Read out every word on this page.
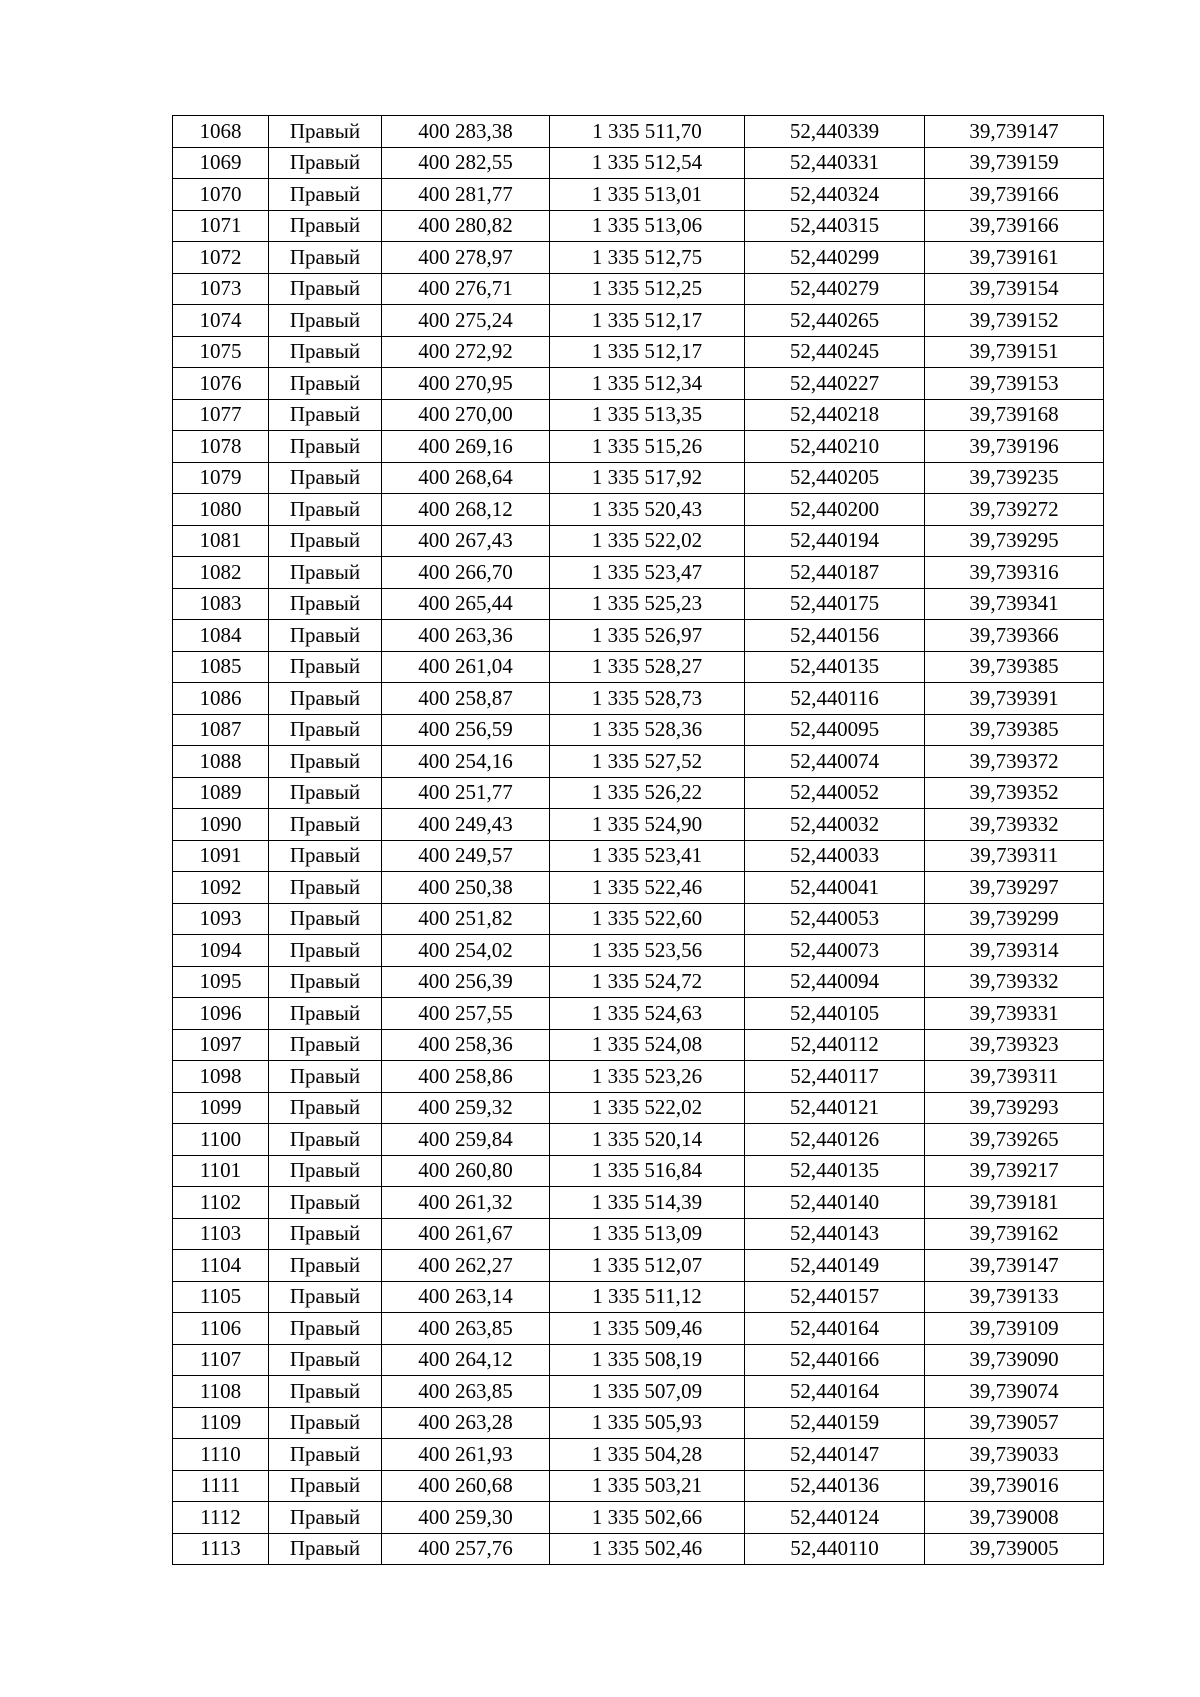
1068	Правый	400 283,38	1 335 511,70	52,440339	39,739147
1069	Правый	400 282,55	1 335 512,54	52,440331	39,739159
1070	Правый	400 281,77	1 335 513,01	52,440324	39,739166
1071	Правый	400 280,82	1 335 513,06	52,440315	39,739166
1072	Правый	400 278,97	1 335 512,75	52,440299	39,739161
1073	Правый	400 276,71	1 335 512,25	52,440279	39,739154
1074	Правый	400 275,24	1 335 512,17	52,440265	39,739152
1075	Правый	400 272,92	1 335 512,17	52,440245	39,739151
1076	Правый	400 270,95	1 335 512,34	52,440227	39,739153
1077	Правый	400 270,00	1 335 513,35	52,440218	39,739168
1078	Правый	400 269,16	1 335 515,26	52,440210	39,739196
1079	Правый	400 268,64	1 335 517,92	52,440205	39,739235
1080	Правый	400 268,12	1 335 520,43	52,440200	39,739272
1081	Правый	400 267,43	1 335 522,02	52,440194	39,739295
1082	Правый	400 266,70	1 335 523,47	52,440187	39,739316
1083	Правый	400 265,44	1 335 525,23	52,440175	39,739341
1084	Правый	400 263,36	1 335 526,97	52,440156	39,739366
1085	Правый	400 261,04	1 335 528,27	52,440135	39,739385
1086	Правый	400 258,87	1 335 528,73	52,440116	39,739391
1087	Правый	400 256,59	1 335 528,36	52,440095	39,739385
1088	Правый	400 254,16	1 335 527,52	52,440074	39,739372
1089	Правый	400 251,77	1 335 526,22	52,440052	39,739352
1090	Правый	400 249,43	1 335 524,90	52,440032	39,739332
1091	Правый	400 249,57	1 335 523,41	52,440033	39,739311
1092	Правый	400 250,38	1 335 522,46	52,440041	39,739297
1093	Правый	400 251,82	1 335 522,60	52,440053	39,739299
1094	Правый	400 254,02	1 335 523,56	52,440073	39,739314
1095	Правый	400 256,39	1 335 524,72	52,440094	39,739332
1096	Правый	400 257,55	1 335 524,63	52,440105	39,739331
1097	Правый	400 258,36	1 335 524,08	52,440112	39,739323
1098	Правый	400 258,86	1 335 523,26	52,440117	39,739311
1099	Правый	400 259,32	1 335 522,02	52,440121	39,739293
1100	Правый	400 259,84	1 335 520,14	52,440126	39,739265
1101	Правый	400 260,80	1 335 516,84	52,440135	39,739217
1102	Правый	400 261,32	1 335 514,39	52,440140	39,739181
1103	Правый	400 261,67	1 335 513,09	52,440143	39,739162
1104	Правый	400 262,27	1 335 512,07	52,440149	39,739147
1105	Правый	400 263,14	1 335 511,12	52,440157	39,739133
1106	Правый	400 263,85	1 335 509,46	52,440164	39,739109
1107	Правый	400 264,12	1 335 508,19	52,440166	39,739090
1108	Правый	400 263,85	1 335 507,09	52,440164	39,739074
1109	Правый	400 263,28	1 335 505,93	52,440159	39,739057
1110	Правый	400 261,93	1 335 504,28	52,440147	39,739033
1111	Правый	400 260,68	1 335 503,21	52,440136	39,739016
1112	Правый	400 259,30	1 335 502,66	52,440124	39,739008
1113	Правый	400 257,76	1 335 502,46	52,440110	39,739005
